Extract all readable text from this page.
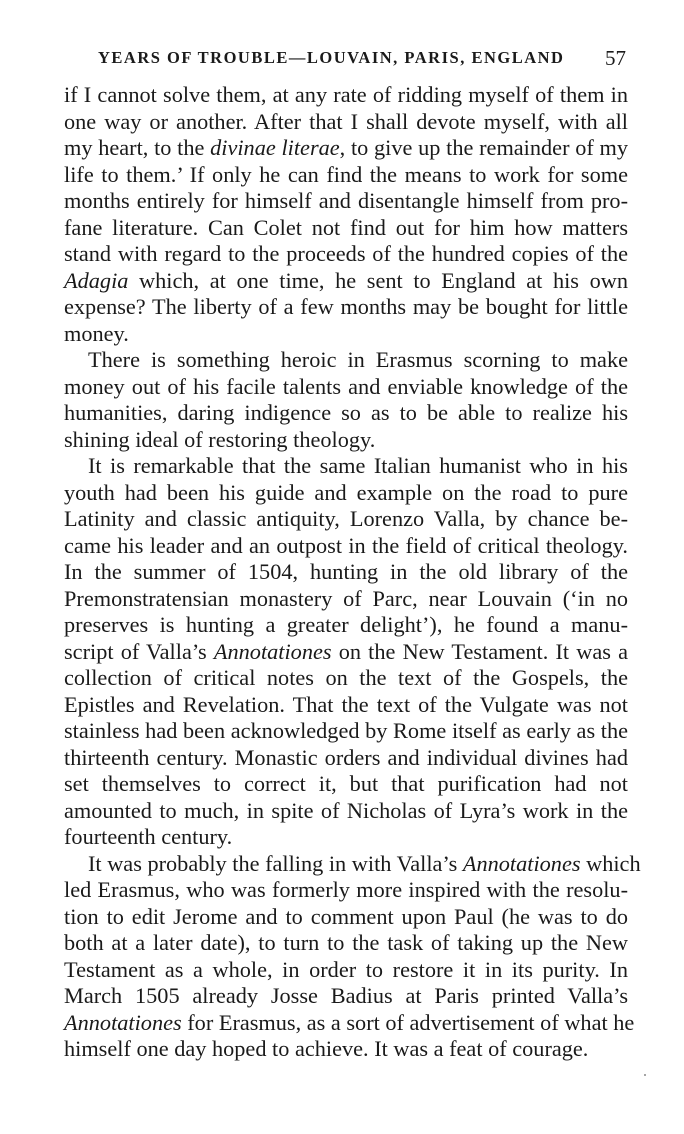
YEARS OF TROUBLE—LOUVAIN, PARIS, ENGLAND 57
if I cannot solve them, at any rate of ridding myself of them in
one way or another. After that I shall devote myself, with all
my heart, to the divinae literae, to give up the remainder of my
life to them.’ If only he can find the means to work for some
months entirely for himself and disentangle himself from pro-
fane literature. Can Colet not find out for him how matters
stand with regard to the proceeds of the hundred copies of the
Adagia which, at one time, he sent to England at his own
expense? The liberty of a few months may be bought for little
money.
There is something heroic in Erasmus scorning to make
money out of his facile talents and enviable knowledge of the
humanities, daring indigence so as to be able to realize his
shining ideal of restoring theology.
It is remarkable that the same Italian humanist who in his
youth had been his guide and example on the road to pure
Latinity and classic antiquity, Lorenzo Valla, by chance be-
came his leader and an outpost in the field of critical theology.
In the summer of 1504, hunting in the old library of the
Premonstratensian monastery of Parc, near Louvain (‘in no
preserves is hunting a greater delight’), he found a manu-
script of Valla’s Annotationes on the New Testament. It was a
collection of critical notes on the text of the Gospels, the
Epistles and Revelation. That the text of the Vulgate was not
stainless had been acknowledged by Rome itself as early as the
thirteenth century. Monastic orders and individual divines had
set themselves to correct it, but that purification had not
amounted to much, in spite of Nicholas of Lyra’s work in the
fourteenth century.
It was probably the falling in with Valla’s Annotationes which
led Erasmus, who was formerly more inspired with the resolu-
tion to edit Jerome and to comment upon Paul (he was to do
both at a later date), to turn to the task of taking up the New
Testament as a whole, in order to restore it in its purity. In
March 1505 already Josse Badius at Paris printed Valla’s
Annotationes for Erasmus, as a sort of advertisement of what he
himself one day hoped to achieve. It was a feat of courage.
